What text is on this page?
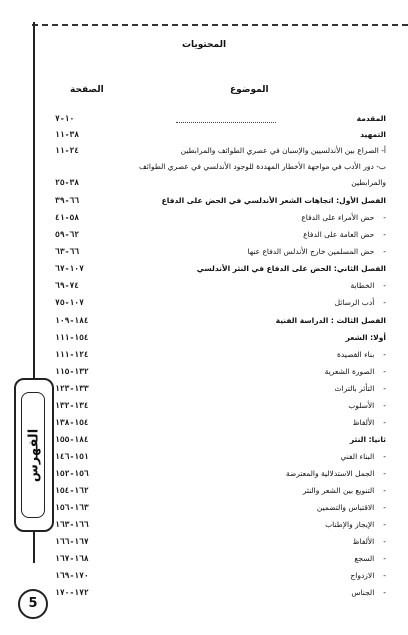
المحتويات
الموضوع
الصفحة
١٠-٧	المقدمة
٣٨-١١	التمهيد
٢٤-١١	أ- الصراع بين الأندلسيين والإسبان في عصري الطوائف والمرابطين
ب- دور الأدب في مواجهة الأخطار المهددة للوجود الأندلسي في عصري الطوائف
٣٨-٢٥	والمرابطين
٦٦-٣٩	الفصل الأول: اتجاهات الشعر الأندلسي في الحض على الدفاع
٥٨-٤١	- حض الأمراء على الدفاع
٦٢-٥٩	- حض العامة على الدفاع
٦٦-٦٣	- حض المسلمين خارج الأندلس الدفاع عنها
١٠٧-٦٧	الفصل الثاني: الحض على الدفاع في النثر الأندلسي
٧٤-٦٩	- الخطابة
١٠٧-٧٥	- أدب الرسائل
١٨٤-١٠٩	الفصل الثالث : الدراسة الفنية
١٥٤-١١١	أولا: الشعر
١٢٤-١١١	- بناء القصيدة
١٣٢-١١٥	- الصورة الشعرية
١٣٣-١٢٣	- التأثر بالتراث
١٣٤-١٣٢	- الأسلوب
١٥٤-١٣٨	- الألفاظ
١٨٤-١٥٥	ثانيا: النثر
١٥١-١٤٦	- البناء الفني
١٥٦-١٥٢	- الجمل الاستدلالية والمعترضة
١٦٢-١٥٤	- التنويع بين الشعر والنثر
١٦٣-١٥٦	- الاقتباس والتضمين
١٦٦-١٦٣	- الإيجاز والإطناب
١٦٧-١٦٦	- الألفاظ
١٦٨-١٦٧	- السجع
١٧٠-١٦٩	- الازدواج
١٧٢-١٧٠	- الجناس
الفهرس
5
